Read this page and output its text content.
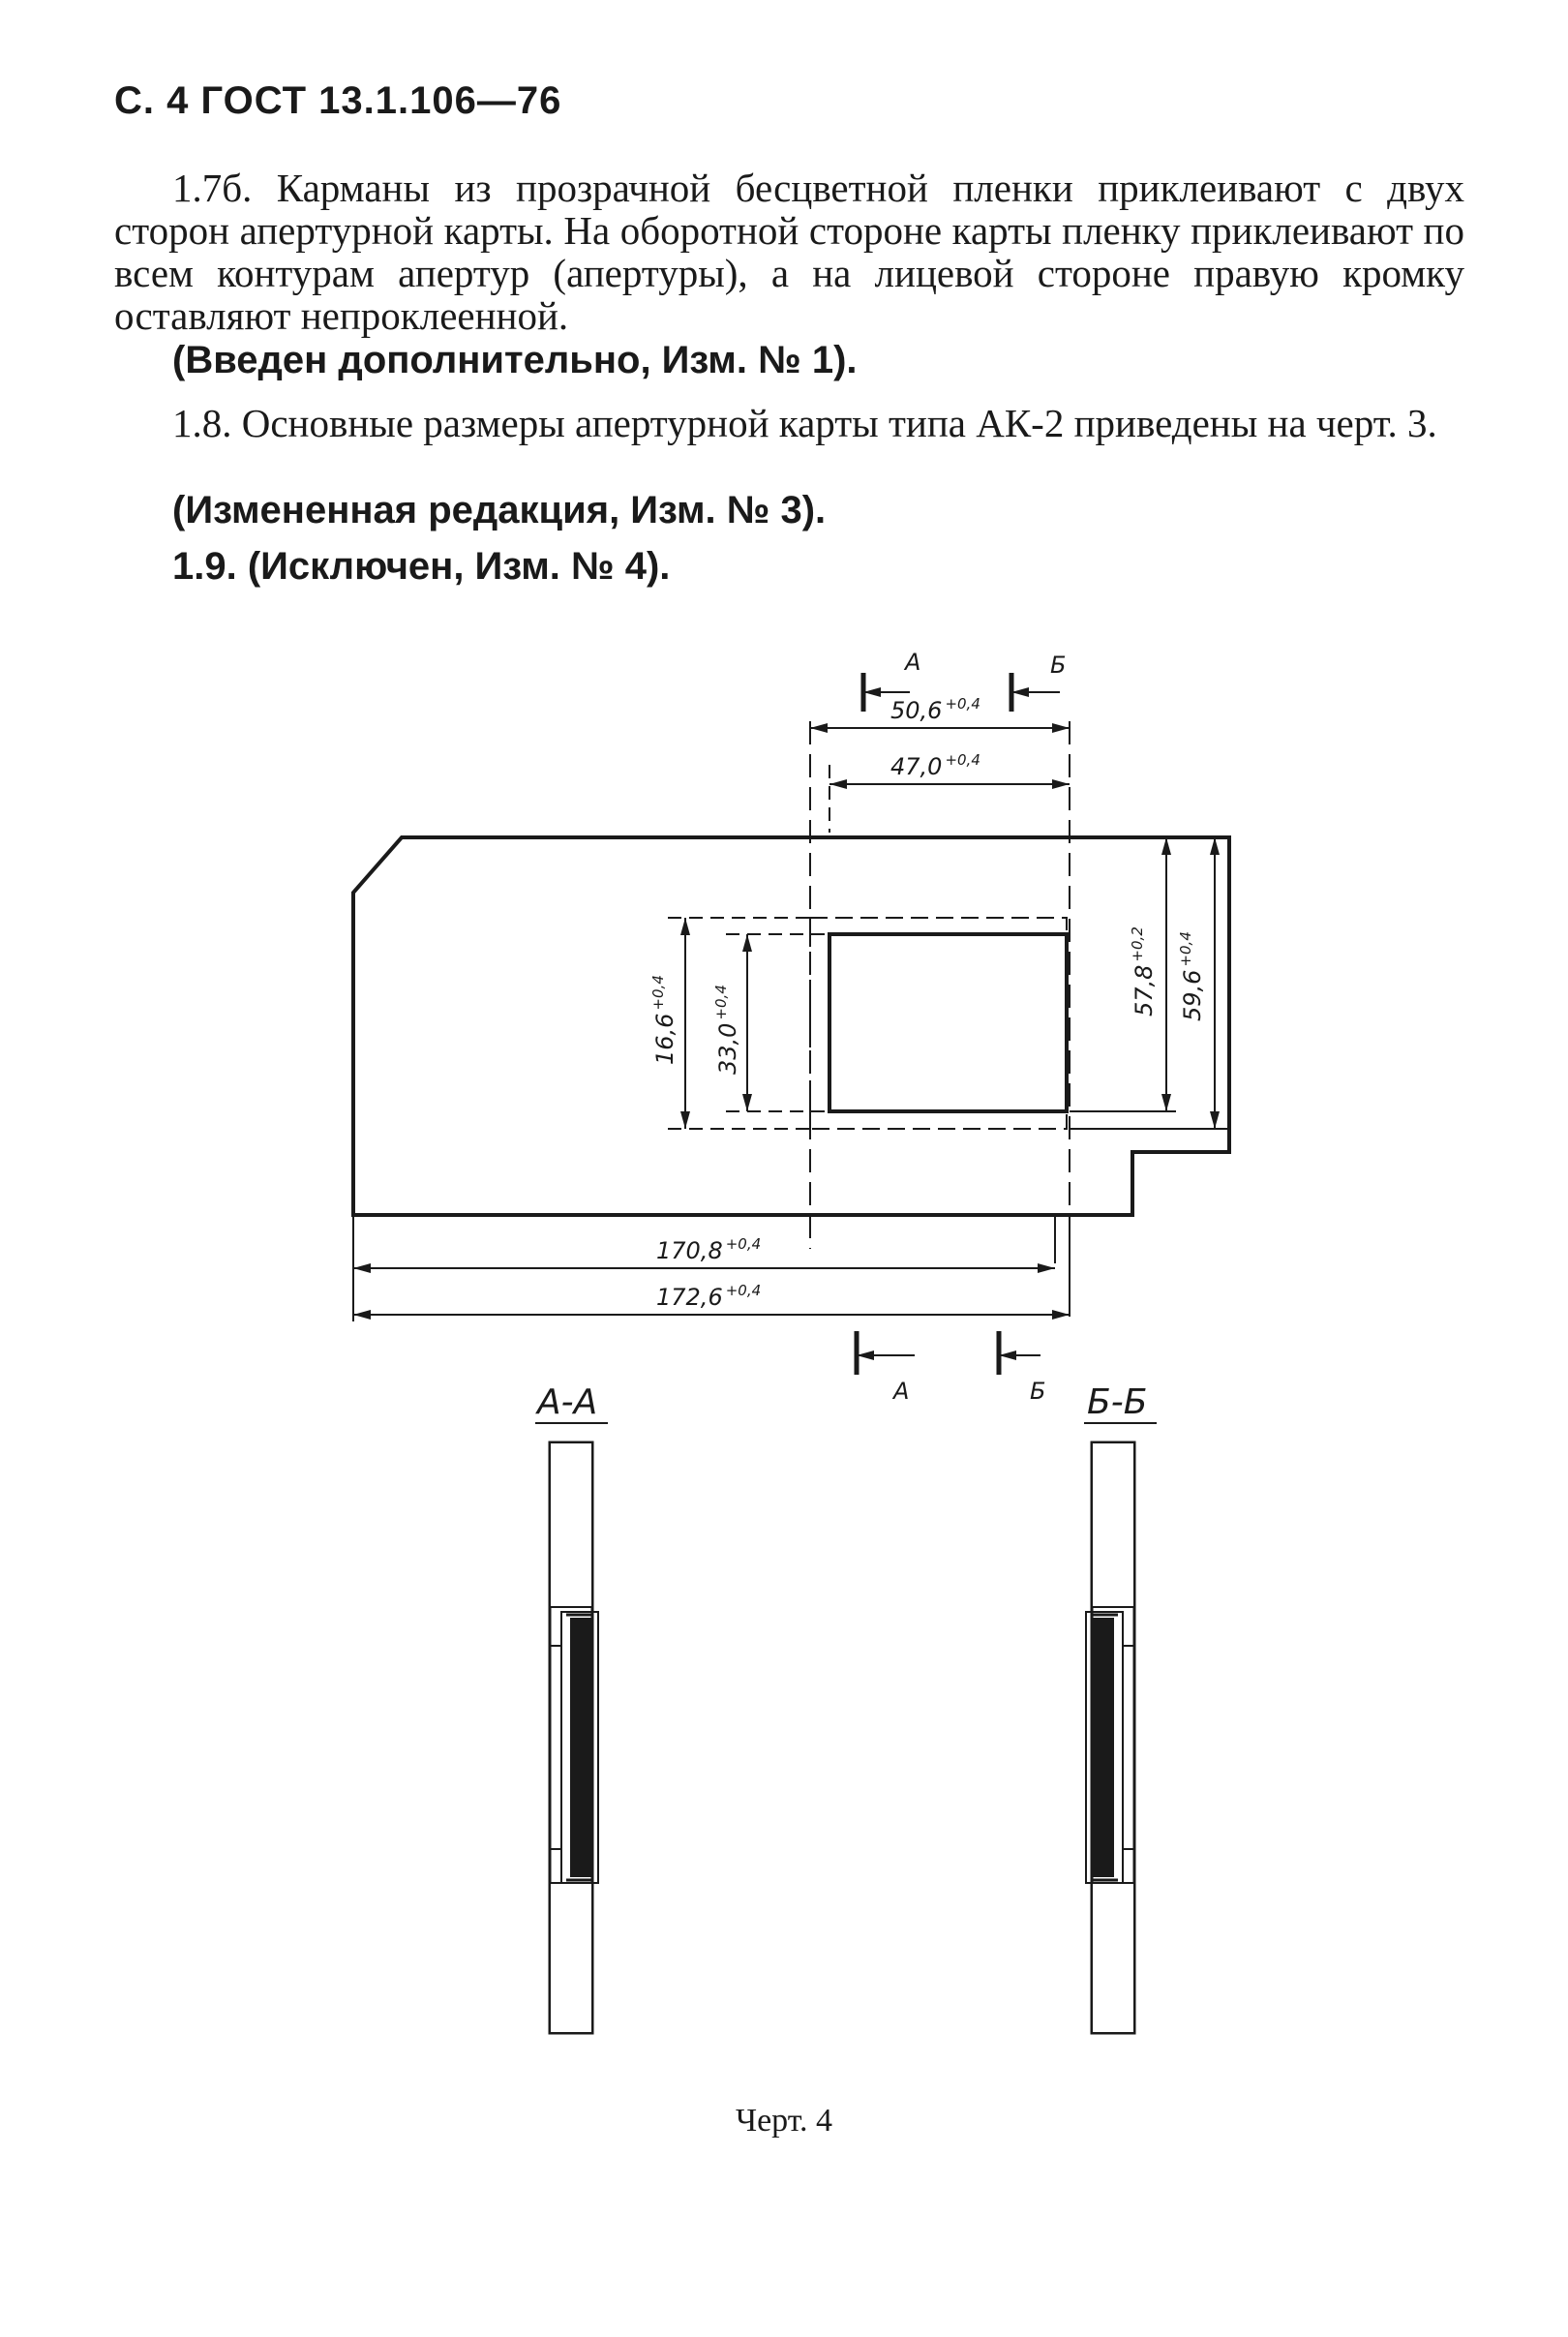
С. 4 ГОСТ 13.1.106—76

1.7б. Карманы из прозрачной бесцветной пленки приклеивают с двух сторон апертурной карты. На оборотной стороне карты пленку приклеивают по всем контурам апертур (апертуры), а на лицевой стороне правую кромку оставляют непроклеенной.

(Введен дополнительно, Изм. № 1).

1.8. Основные размеры апертурной карты типа АК-2 приведены на черт. 3.

(Измененная редакция, Изм. № 3).
1.9. (Исключен, Изм. № 4).
А	Б
А	Б
50,6 $^{+0,4}$
47,0 $^{+0,4}$
$57,8^{+0,2}$
$59,6^{+0,4}$
$16,6^{+0,4}$
$33,0^{+0,4}$
170,8 $^{+0,4}$
172,6 $^{+0,4}$
А-А	Б-Б
Черт. 4
